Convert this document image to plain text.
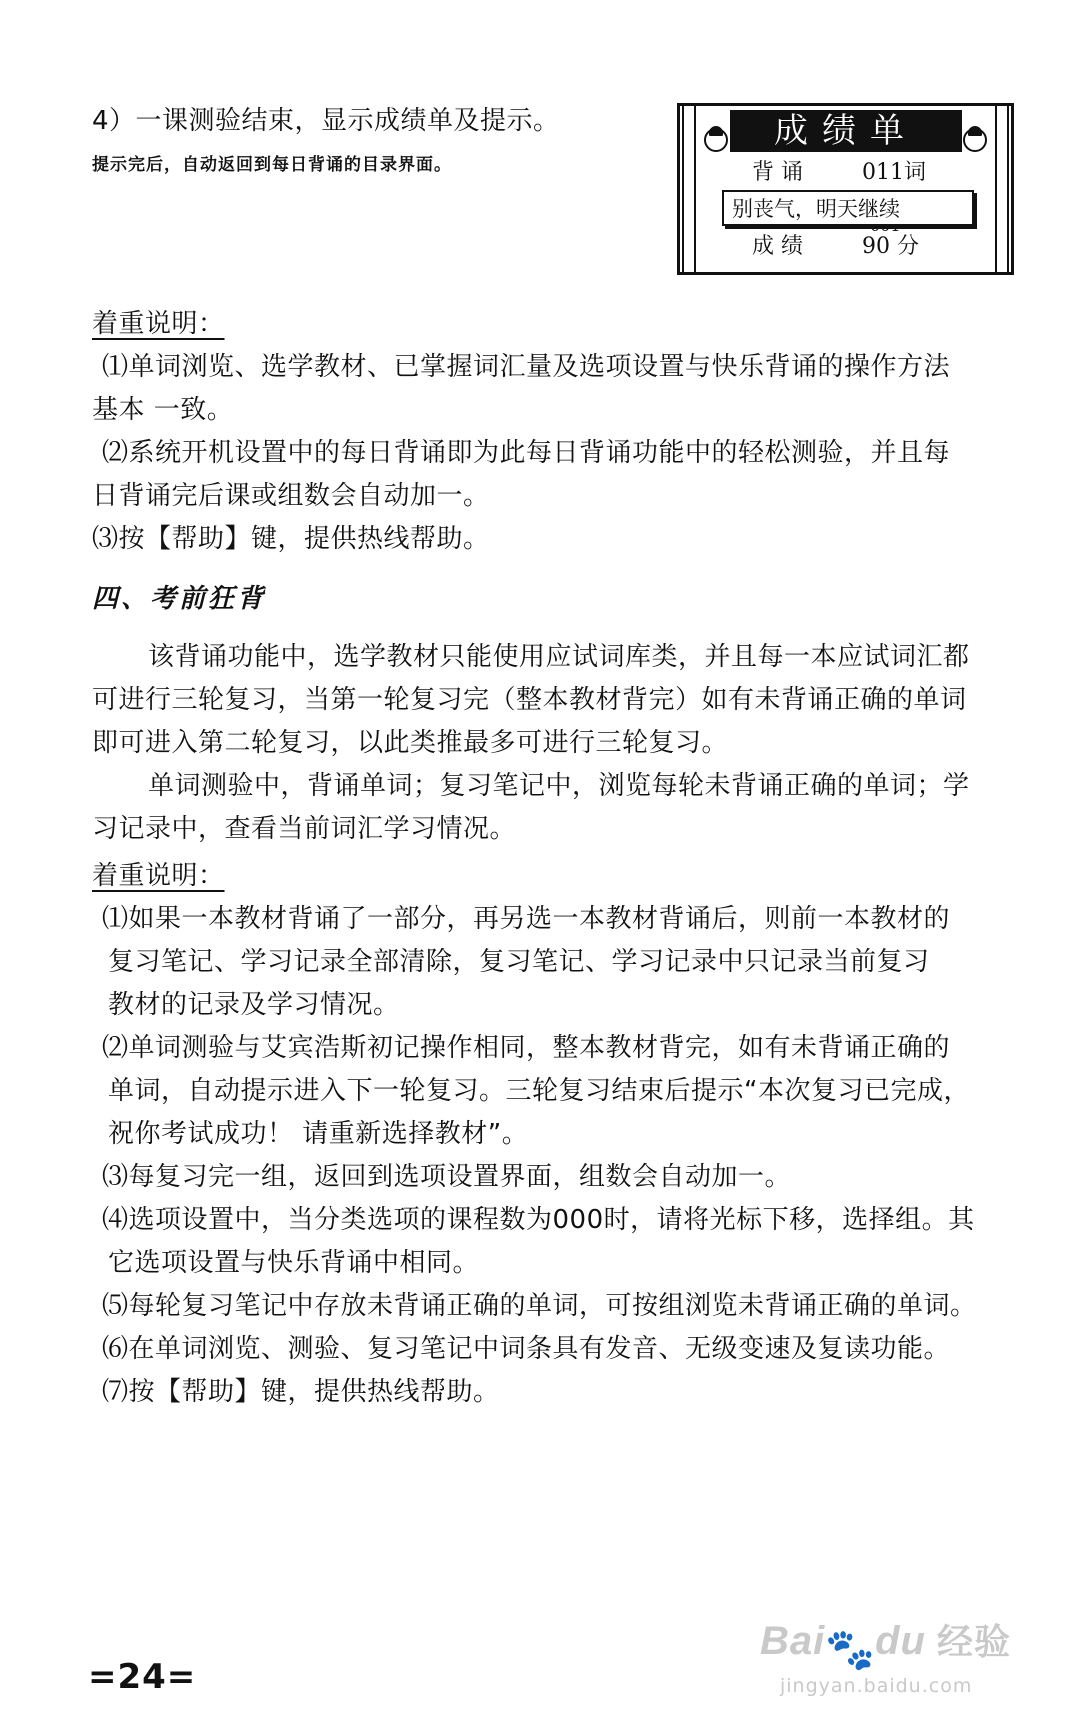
4）一课测验结束，显示成绩单及提示。
提示完后，自动返回到每日背诵的目录界面。
成绩单
背 诵	011词
别丧气，明天继续
成 绩	90 分
着重说明：
⑴单词浏览、选学教材、已掌握词汇量及选项设置与快乐背诵的操作方法
基本 一致。
⑵系统开机设置中的每日背诵即为此每日背诵功能中的轻松测验，并且每
日背诵完后课或组数会自动加一。
⑶按【帮助】键，提供热线帮助。
四、考前狂背
该背诵功能中，选学教材只能使用应试词库类，并且每一本应试词汇都
可进行三轮复习，当第一轮复习完（整本教材背完）如有未背诵正确的单词
即可进入第二轮复习，以此类推最多可进行三轮复习。
单词测验中，背诵单词；复习笔记中，浏览每轮未背诵正确的单词；学
习记录中，查看当前词汇学习情况。
着重说明：
⑴如果一本教材背诵了一部分，再另选一本教材背诵后，则前一本教材的
复习笔记、学习记录全部清除，复习笔记、学习记录中只记录当前复习
教材的记录及学习情况。
⑵单词测验与艾宾浩斯初记操作相同，整本教材背完，如有未背诵正确的
单词，自动提示进入下一轮复习。三轮复习结束后提示“本次复习已完成，
祝你考试成功！ 请重新选择教材”。
⑶每复习完一组，返回到选项设置界面，组数会自动加一。
⑷选项设置中，当分类选项的课程数为000时，请将光标下移，选择组。其
它选项设置与快乐背诵中相同。
⑸每轮复习笔记中存放未背诵正确的单词，可按组浏览未背诵正确的单词。
⑹在单词浏览、测验、复习笔记中词条具有发音、无级变速及复读功能。
⑺按【帮助】键，提供热线帮助。
=24=
Bai🐾du 经验
jingyan.baidu.com
